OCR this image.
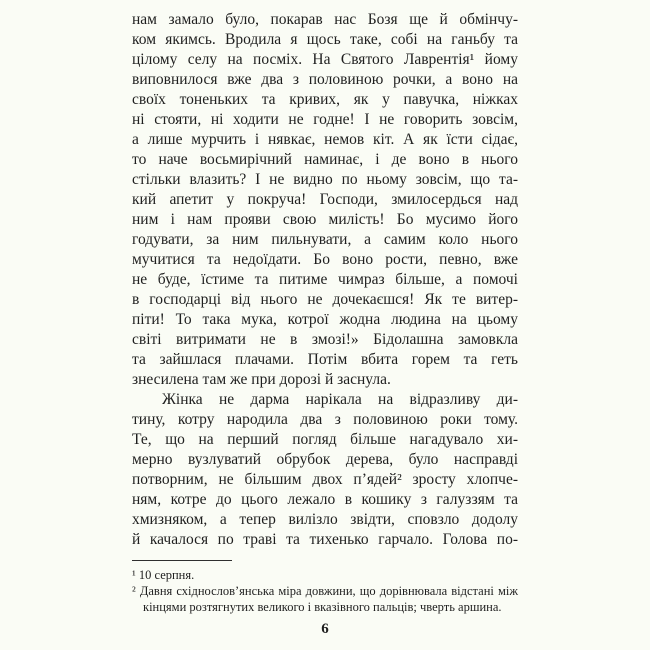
нам замало було, покарав нас Бозя ще й обмінчу-
ком якимсь. Вродила я щось таке, собі на ганьбу та
цілому селу на посміх. На Святого Лаврентія¹ йому
виповнилося вже два з половиною рочки, а воно на
своїх тоненьких та кривих, як у павучка, ніжках
ні стояти, ні ходити не годне! І не говорить зовсім,
а лише мурчить і нявкає, немов кіт. А як їсти сідає,
то наче восьмирічний наминає, і де воно в нього
стільки влазить? І не видно по ньому зовсім, що та-
кий апетит у покруча! Господи, змилосердься над
ним і нам прояви свою милість! Бо мусимо його
годувати, за ним пильнувати, а самим коло нього
мучитися та недоїдати. Бо воно рости, певно, вже
не буде, їстиме та питиме чимраз більше, а помочі
в господарці від нього не дочекаєшся! Як те витер-
піти! То така мука, котрої жодна людина на цьому
світі витримати не в змозі!» Бідолашна замовкла
та зайшлася плачами. Потім вбита горем та геть
знесилена там же при дорозі й заснула.
Жінка не дарма нарікала на відразливу ди-
тину, котру народила два з половиною роки тому.
Те, що на перший погляд більше нагадувало хи-
мерно вузлуватий обрубок дерева, було насправді
потворним, не більшим двох п’ядей² зросту хлопче-
ням, котре до цього лежало в кошику з галуззям та
хмизняком, а тепер вилізло звідти, сповзло додолу
й качалося по траві та тихенько гарчало. Голова по-
¹ 10 серпня.
² Давня східнослов’янська міра довжини, що дорівнювала відстані між
кінцями розтягнутих великого і вказівного пальців; чверть аршина.
6
